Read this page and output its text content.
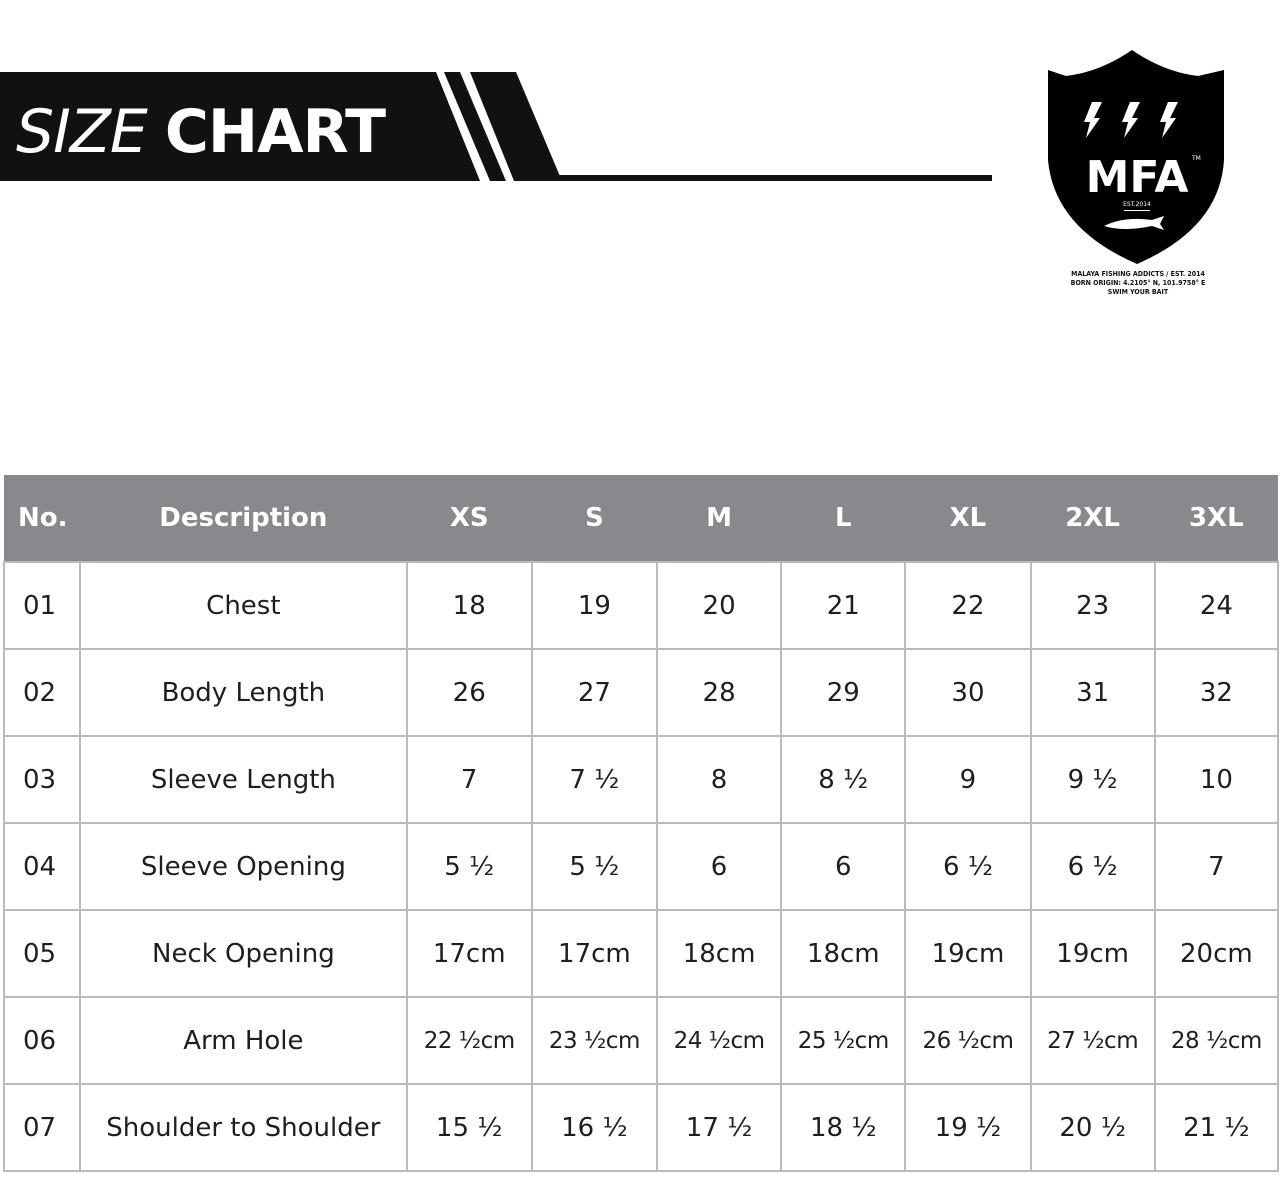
SIZE CHART
MFA TM
EST.2014
MALAYA FISHING ADDICTS / EST. 2014
BORN ORIGIN: 4.2105° N, 101.9758° E
SWIM YOUR BAIT
No.	Description	XS	S	M	L	XL	2XL	3XL
01	Chest	18	19	20	21	22	23	24
02	Body Length	26	27	28	29	30	31	32
03	Sleeve Length	7	7 ½	8	8 ½	9	9 ½	10
04	Sleeve Opening	5 ½	5 ½	6	6	6 ½	6 ½	7
05	Neck Opening	17cm	17cm	18cm	18cm	19cm	19cm	20cm
06	Arm Hole	22 ½cm	23 ½cm	24 ½cm	25 ½cm	26 ½cm	27 ½cm	28 ½cm
07	Shoulder to Shoulder	15 ½	16 ½	17 ½	18 ½	19 ½	20 ½	21 ½
